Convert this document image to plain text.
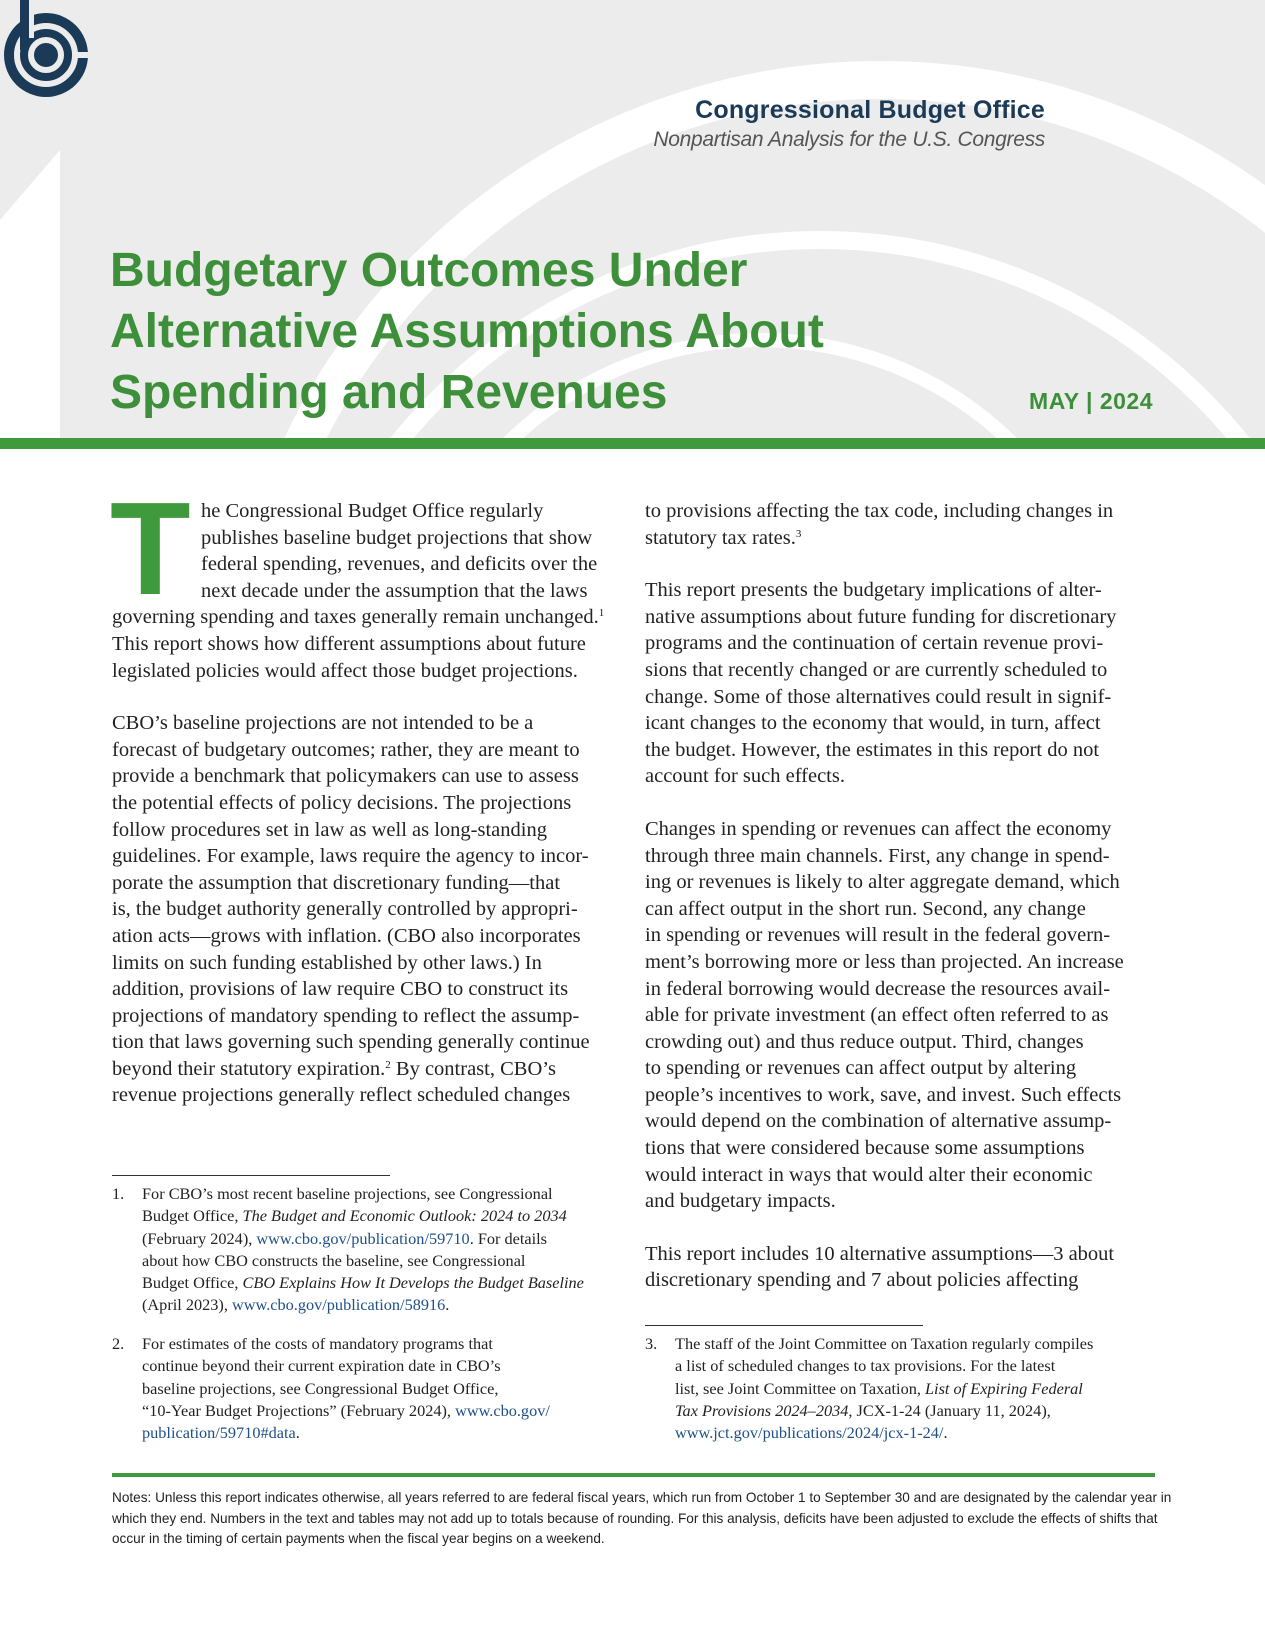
Congressional Budget Office
Nonpartisan Analysis for the U.S. Congress
Budgetary Outcomes Under
Alternative Assumptions About
Spending and Revenues	MAY | 2024
T he Congressional Budget Office regularly
publishes baseline budget projections that show
federal spending, revenues, and deficits over the
next decade under the assumption that the laws
governing spending and taxes generally remain unchanged.$^1$
This report shows how different assumptions about future
legislated policies would affect those budget projections.
CBO’s baseline projections are not intended to be a
forecast of budgetary outcomes; rather, they are meant to
provide a benchmark that policymakers can use to assess
the potential effects of policy decisions. The projections
follow procedures set in law as well as long-standing
guidelines. For example, laws require the agency to incor-
porate the assumption that discretionary funding—that
is, the budget authority generally controlled by appropri-
ation acts—grows with inflation. (CBO also incorporates
limits on such funding established by other laws.) In
addition, provisions of law require CBO to construct its
projections of mandatory spending to reflect the assump-
tion that laws governing such spending generally continue
beyond their statutory expiration.$^2$ By contrast, CBO’s
revenue projections generally reflect scheduled changes
to provisions affecting the tax code, including changes in
statutory tax rates.$^3$
This report presents the budgetary implications of alter-
native assumptions about future funding for discretionary
programs and the continuation of certain revenue provi-
sions that recently changed or are currently scheduled to
change. Some of those alternatives could result in signif-
icant changes to the economy that would, in turn, affect
the budget. However, the estimates in this report do not
account for such effects.
Changes in spending or revenues can affect the economy
through three main channels. First, any change in spend-
ing or revenues is likely to alter aggregate demand, which
can affect output in the short run. Second, any change
in spending or revenues will result in the federal govern-
ment’s borrowing more or less than projected. An increase
in federal borrowing would decrease the resources avail-
able for private investment (an effect often referred to as
crowding out) and thus reduce output. Third, changes
to spending or revenues can affect output by altering
people’s incentives to work, save, and invest. Such effects
would depend on the combination of alternative assump-
tions that were considered because some assumptions
would interact in ways that would alter their economic
and budgetary impacts.
This report includes 10 alternative assumptions—3 about
discretionary spending and 7 about policies affecting
1. For CBO’s most recent baseline projections, see Congressional
Budget Office, The Budget and Economic Outlook: 2024 to 2034
(February 2024), www.cbo.gov/publication/59710. For details
about how CBO constructs the baseline, see Congressional
Budget Office, CBO Explains How It Develops the Budget Baseline
(April 2023), www.cbo.gov/publication/58916.
2. For estimates of the costs of mandatory programs that
continue beyond their current expiration date in CBO’s
baseline projections, see Congressional Budget Office,
“10-Year Budget Projections” (February 2024), www.cbo.gov/
publication/59710#data.
3. The staff of the Joint Committee on Taxation regularly compiles
a list of scheduled changes to tax provisions. For the latest
list, see Joint Committee on Taxation, List of Expiring Federal
Tax Provisions 2024–2034, JCX-1-24 (January 11, 2024),
www.jct.gov/publications/2024/jcx-1-24/.
Notes: Unless this report indicates otherwise, all years referred to are federal fiscal years, which run from October 1 to September 30 and are designated by the calendar year in which they end. Numbers in the text and tables may not add up to totals because of rounding. For this analysis, deficits have been adjusted to exclude the effects of shifts that occur in the timing of certain payments when the fiscal year begins on a weekend.
